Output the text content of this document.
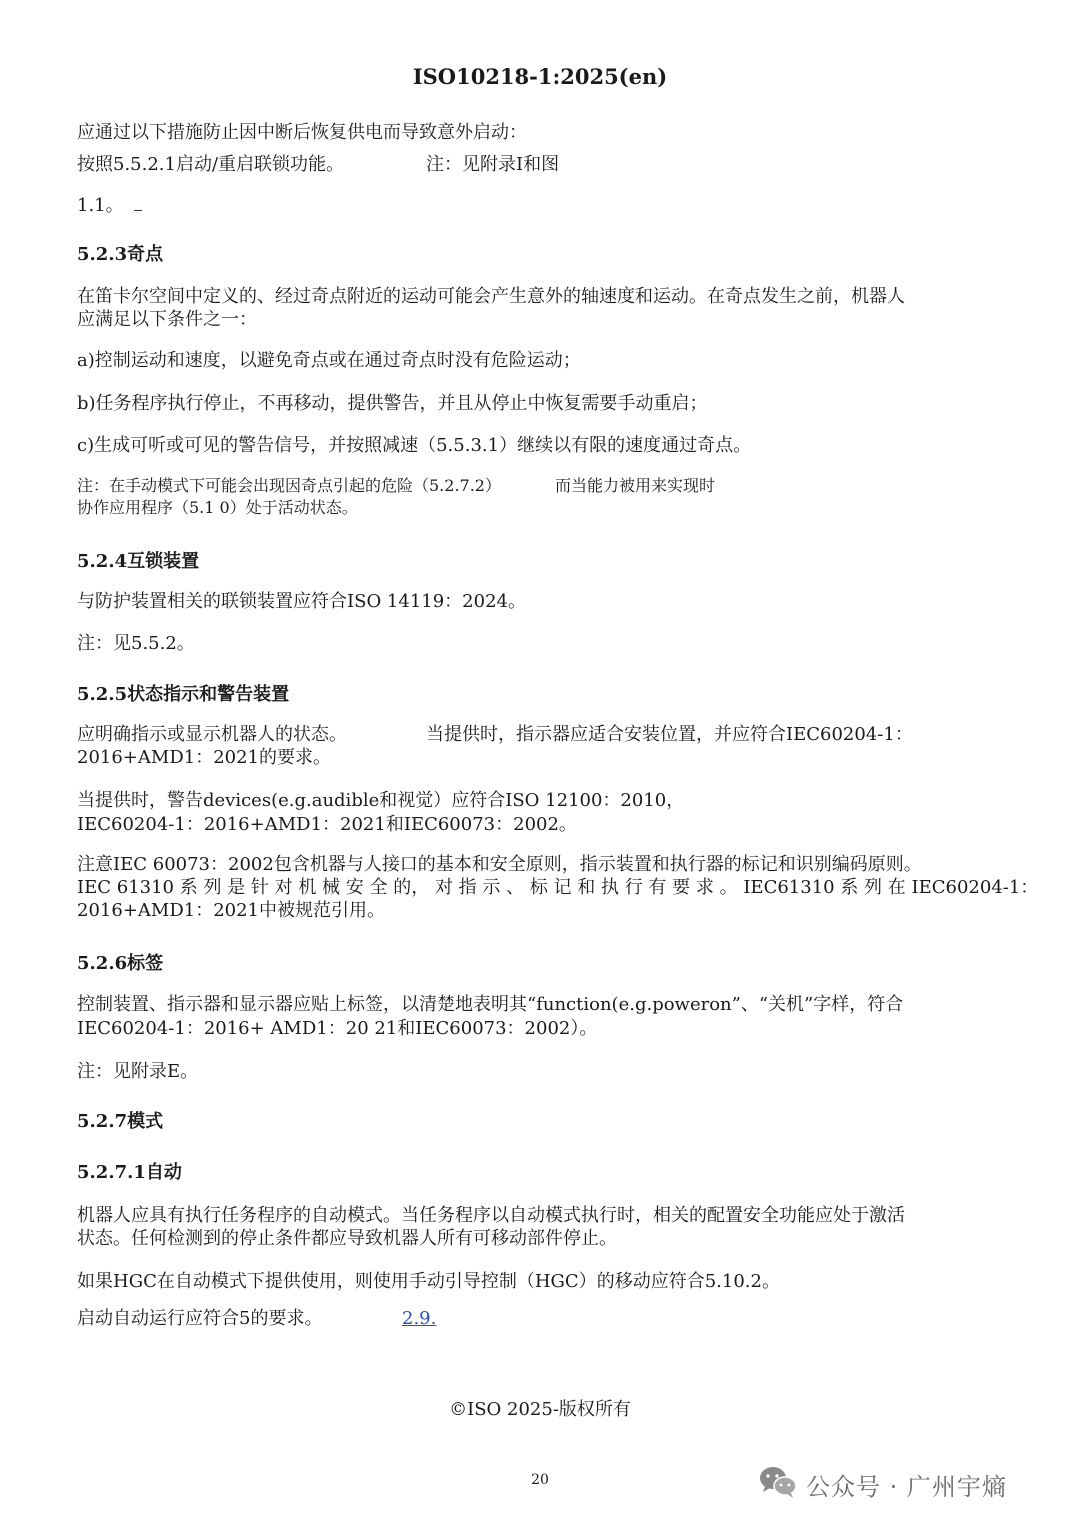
ISO10218-1:2025(en)
应通过以下措施防止因中断后恢复供电而导致意外启动：
按照5.5.2.1启动/重启联锁功能。	注：见附录I和图
1.1。
5.2.3奇点
在笛卡尔空间中定义的、经过奇点附近的运动可能会产生意外的轴速度和运动。在奇点发生之前，机器人
应满足以下条件之一：
a)控制运动和速度，以避免奇点或在通过奇点时没有危险运动；
b)任务程序执行停止，不再移动，提供警告，并且从停止中恢复需要手动重启；
c)生成可听或可见的警告信号，并按照减速（5.5.3.1）继续以有限的速度通过奇点。
注：在手动模式下可能会出现因奇点引起的危险（5.2.7.2）	而当能力被用来实现时
协作应用程序（5.1 0）处于活动状态。
5.2.4互锁装置
与防护装置相关的联锁装置应符合ISO 14119：2024。
注：见5.5.2。
5.2.5状态指示和警告装置
应明确指示或显示机器人的状态。	当提供时，指示器应适合安装位置，并应符合IEC60204-1：
2016+AMD1：2021的要求。
当提供时，警告devices(e.g.audible和视觉）应符合ISO 12100：2010，
IEC60204-1：2016+AMD1：2021和IEC60073：2002。
注意IEC 60073：2002包含机器与人接口的基本和安全原则，指示装置和执行器的标记和识别编码原则。
IEC 61310 系 列 是 针 对 机 械 安 全 的， 对 指 示 、 标 记 和 执 行 有 要 求 。 IEC61310 系 列 在 IEC60204-1：
2016+AMD1：2021中被规范引用。
5.2.6标签
控制装置、指示器和显示器应贴上标签，以清楚地表明其“function(e.g.poweron”、“关机”字样，符合
IEC60204-1：2016+ AMD1：20 21和IEC60073：2002）。
注：见附录E。
5.2.7模式
5.2.7.1自动
机器人应具有执行任务程序的自动模式。当任务程序以自动模式执行时，相关的配置安全功能应处于激活
状态。任何检测到的停止条件都应导致机器人所有可移动部件停止。
如果HGC在自动模式下提供使用，则使用手动引导控制（HGC）的移动应符合5.10.2。
启动自动运行应符合5的要求。	2.9.
©ISO 2025-版权所有
20	公众号 · 广州宇熵
